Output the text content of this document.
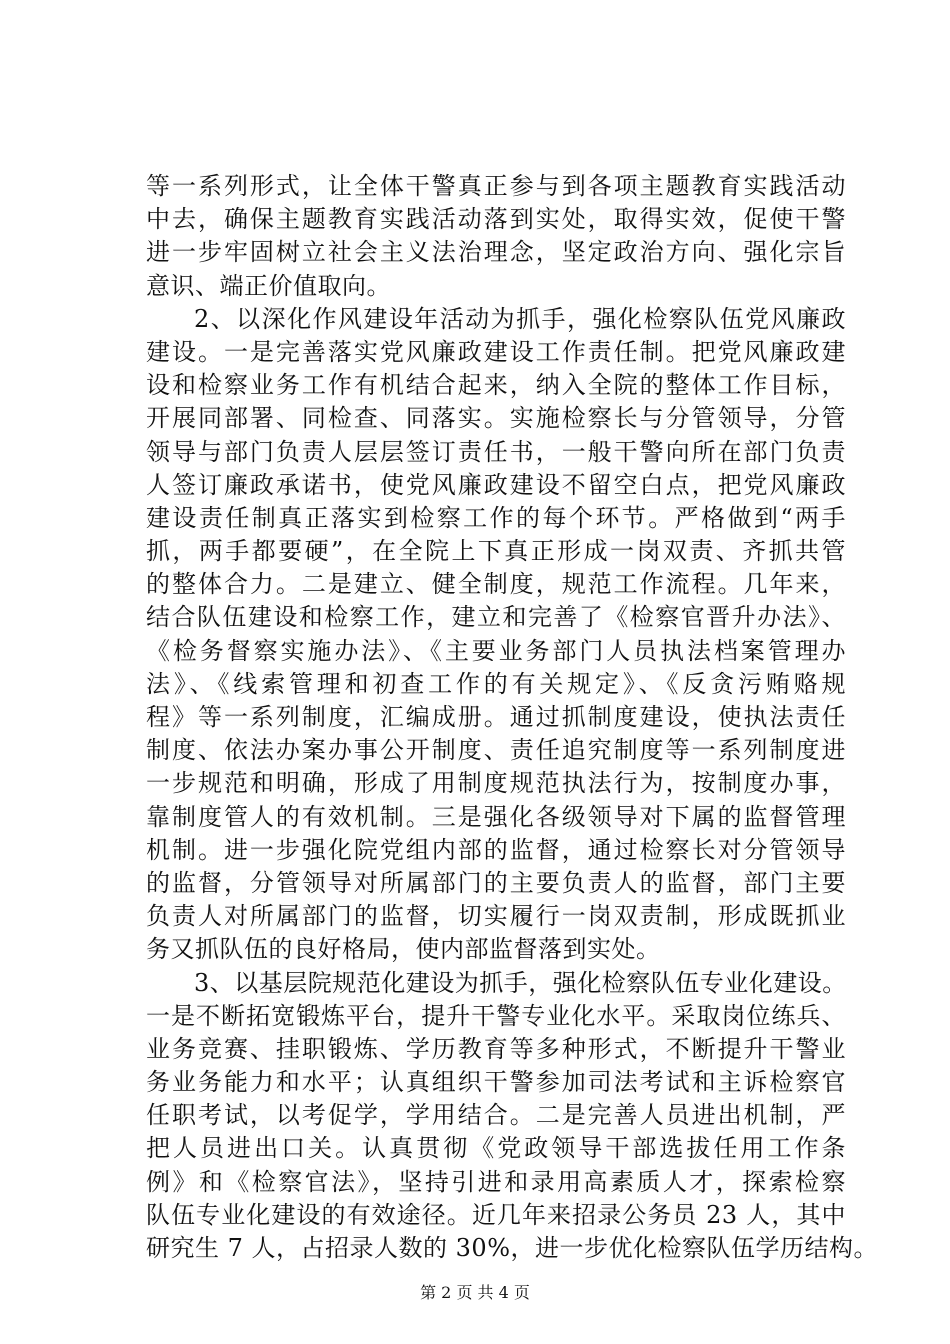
等一系列形式，让全体干警真正参与到各项主题教育实践活动
中去，确保主题教育实践活动落到实处，取得实效，促使干警
进一步牢固树立社会主义法治理念，坚定政治方向、强化宗旨
意识、端正价值取向。
2、以深化作风建设年活动为抓手，强化检察队伍党风廉政
建设。一是完善落实党风廉政建设工作责任制。把党风廉政建
设和检察业务工作有机结合起来，纳入全院的整体工作目标，
开展同部署、同检查、同落实。实施检察长与分管领导，分管
领导与部门负责人层层签订责任书，一般干警向所在部门负责
人签订廉政承诺书，使党风廉政建设不留空白点，把党风廉政
建设责任制真正落实到检察工作的每个环节。严格做到“两手
抓，两手都要硬”，在全院上下真正形成一岗双责、齐抓共管
的整体合力。二是建立、健全制度，规范工作流程。几年来，
结合队伍建设和检察工作，建立和完善了《检察官晋升办法》、
《检务督察实施办法》、《主要业务部门人员执法档案管理办
法》、《线索管理和初查工作的有关规定》、《反贪污贿赂规
程》等一系列制度，汇编成册。通过抓制度建设，使执法责任
制度、依法办案办事公开制度、责任追究制度等一系列制度进
一步规范和明确，形成了用制度规范执法行为，按制度办事，
靠制度管人的有效机制。三是强化各级领导对下属的监督管理
机制。进一步强化院党组内部的监督，通过检察长对分管领导
的监督，分管领导对所属部门的主要负责人的监督，部门主要
负责人对所属部门的监督，切实履行一岗双责制，形成既抓业
务又抓队伍的良好格局，使内部监督落到实处。
3、以基层院规范化建设为抓手，强化检察队伍专业化建设。
一是不断拓宽锻炼平台，提升干警专业化水平。采取岗位练兵、
业务竞赛、挂职锻炼、学历教育等多种形式，不断提升干警业
务业务能力和水平；认真组织干警参加司法考试和主诉检察官
任职考试，以考促学，学用结合。二是完善人员进出机制，严
把人员进出口关。认真贯彻《党政领导干部选拔任用工作条
例》和《检察官法》，坚持引进和录用高素质人才，探索检察
队伍专业化建设的有效途径。近几年来招录公务员 23 人，其中
研究生 7 人，占招录人数的 30%，进一步优化检察队伍学历结构。
第 2 页 共 4 页
